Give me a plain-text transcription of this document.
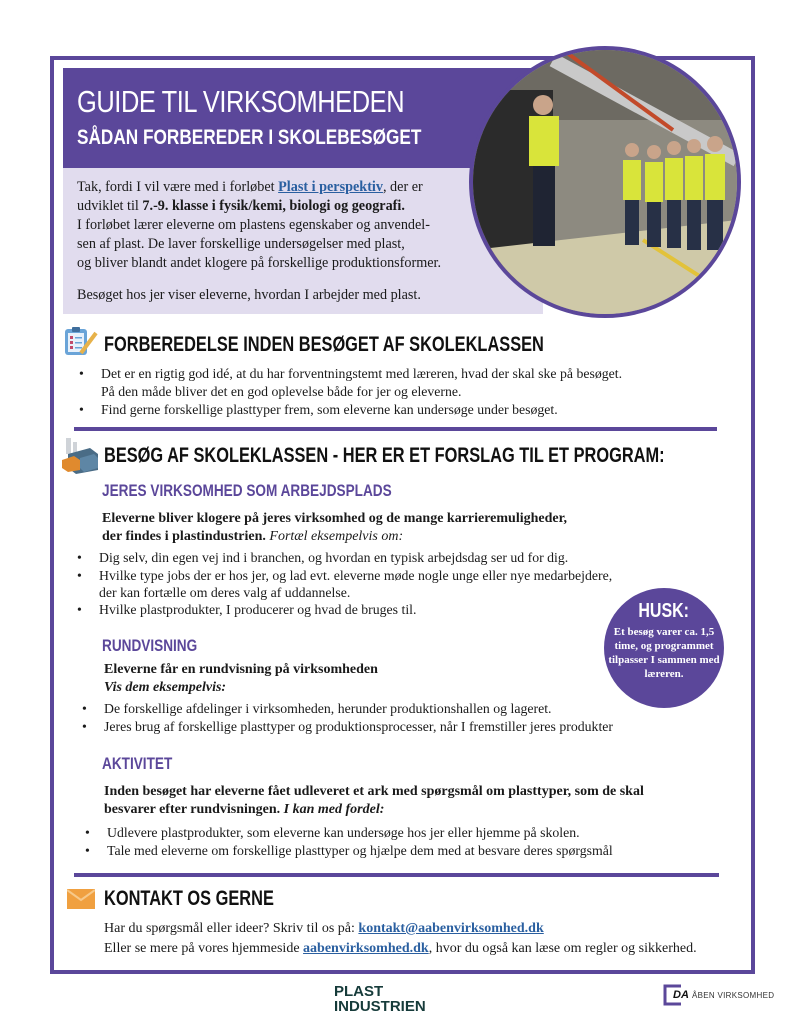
GUIDE TIL VIRKSOMHEDEN
SÅDAN FORBEREDER I SKOLEBESØGET

Tak, fordi I vil være med i forløbet Plast i perspektiv, der er

udviklet til 7.-9. klasse i fysik/kemi, biologi og geografi.

I forløbet lærer eleverne om plastens egenskaber og anvendel-

sen af plast. De laver forskellige undersøgelser med plast,

og bliver blandt andet klogere på forskellige produktionsformer.

Besøget hos jer viser eleverne, hvordan I arbejder med plast.

FORBEREDELSE INDEN BESØGET AF SKOLEKLASSEN
• Det er en rigtig god idé, at du har forventningstemt med læreren, hvad der skal ske på besøget.
På den måde bliver det en god oplevelse både for jer og eleverne.
• Find gerne forskellige plasttyper frem, som eleverne kan undersøge under besøget.
BESØG AF SKOLEKLASSEN - HER ER ET FORSLAG TIL ET PROGRAM:
JERES VIRKSOMHED SOM ARBEJDSPLADS
Eleverne bliver klogere på jeres virksomhed og de mange karrieremuligheder,
der findes i plastindustrien. Fortæl eksempelvis om:
• Dig selv, din egen vej ind i branchen, og hvordan en typisk arbejdsdag ser ud for dig.
• Hvilke type jobs der er hos jer, og lad evt. eleverne møde nogle unge eller nye medarbejdere,
der kan fortælle om deres valg af uddannelse.
• Hvilke plastprodukter, I producerer og hvad de bruges til.
RUNDVISNING
Eleverne får en rundvisning på virksomheden
Vis dem eksempelvis:
• De forskellige afdelinger i virksomheden, herunder produktionshallen og lageret.
• Jeres brug af forskellige plasttyper og produktionsprocesser, når I fremstiller jeres produkter
AKTIVITET
Inden besøget har eleverne fået udleveret et ark med spørgsmål om plasttyper, som de skal
besvarer efter rundvisningen. I kan med fordel:
• Udlevere plastprodukter, som eleverne kan undersøge hos jer eller hjemme på skolen.
• Tale med eleverne om forskellige plasttyper og hjælpe dem med at besvare deres spørgsmål
HUSK:
Et besøg varer ca. 1,5 time, og programmet tilpasser I sammen med læreren.
KONTAKT OS GERNE
Har du spørgsmål eller ideer? Skriv til os på: kontakt@aabenvirksomhed.dk
Eller se mere på vores hjemmeside aabenvirksomhed.dk, hvor du også kan læse om regler og sikkerhed.
PLAST
INDUSTRIEN
DA ÅBEN VIRKSOMHED
